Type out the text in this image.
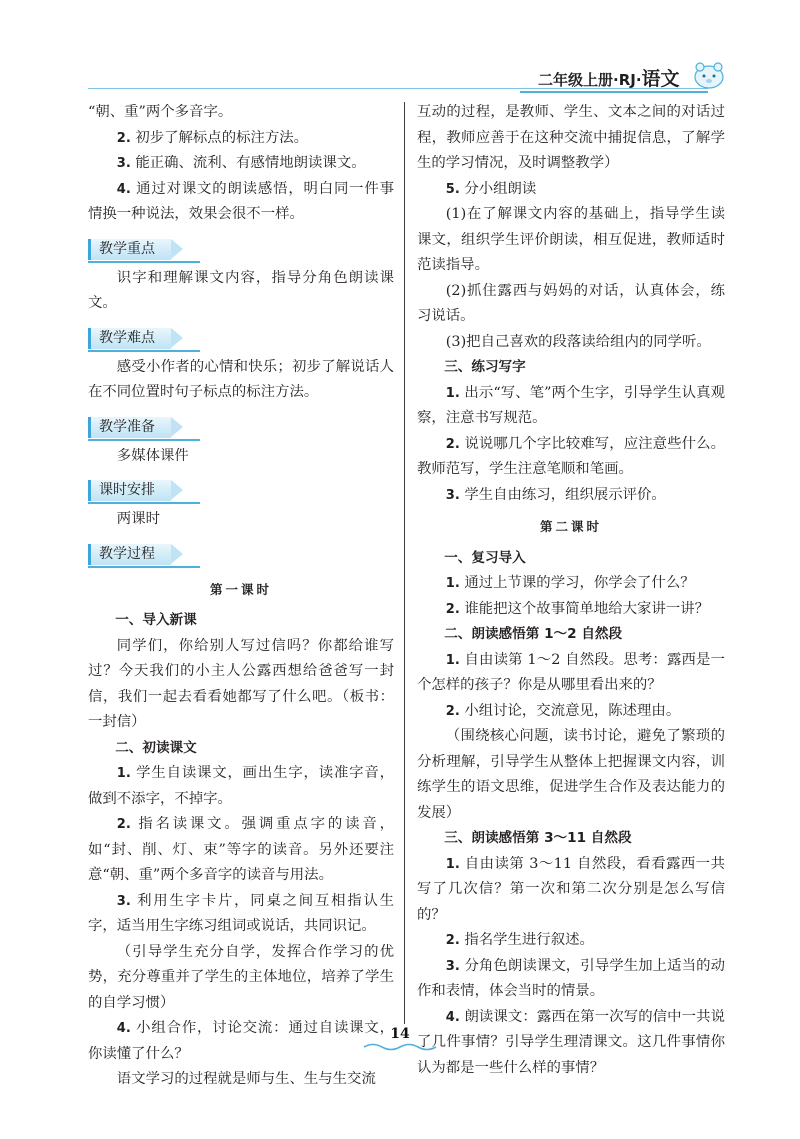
二年级上册·RJ·语文

“朝、重”两个多音字。

2. 初步了解标点的标注方法。

3. 能正确、流利、有感情地朗读课文。

4. 通过对课文的朗读感悟，明白同一件事情换一种说法，效果会很不一样。

教学重点

识字和理解课文内容，指导分角色朗读课文。

教学难点

感受小作者的心情和快乐；初步了解说话人在不同位置时句子标点的标注方法。

教学准备

多媒体课件

课时安排

两课时

教学过程
第一课时

一、导入新课

同学们，你给别人写过信吗？你都给谁写过？今天我们的小主人公露西想给爸爸写一封信，我们一起去看看她都写了什么吧。（板书：一封信）

二、初读课文

1. 学生自读课文，画出生字，读准字音，做到不添字，不掉字。

2. 指名读课文。强调重点字的读音，如“封、削、灯、束”等字的读音。另外还要注意“朝、重”两个多音字的读音与用法。

3. 利用生字卡片，同桌之间互相指认生字，适当用生字练习组词或说话，共同识记。

（引导学生充分自学，发挥合作学习的优势，充分尊重并了学生的主体地位，培养了学生的自学习惯）

4. 小组合作，讨论交流：通过自读课文，你读懂了什么？

语文学习的过程就是师与生、生与生交流

互动的过程，是教师、学生、文本之间的对话过程，教师应善于在这种交流中捕捉信息，了解学生的学习情况，及时调整教学）

5. 分小组朗读

(1)在了解课文内容的基础上，指导学生读课文，组织学生评价朗读，相互促进，教师适时范读指导。

(2)抓住露西与妈妈的对话，认真体会，练习说话。

(3)把自己喜欢的段落读给组内的同学听。

三、练习写字

1. 出示“写、笔”两个生字，引导学生认真观察，注意书写规范。

2. 说说哪几个字比较难写，应注意些什么。教师范写，学生注意笔顺和笔画。

3. 学生自由练习，组织展示评价。

第二课时

一、复习导入

1. 通过上节课的学习，你学会了什么？

2. 谁能把这个故事简单地给大家讲一讲？

二、朗读感悟第 1～2 自然段

1. 自由读第 1～2 自然段。思考：露西是一个怎样的孩子？你是从哪里看出来的？

2. 小组讨论，交流意见，陈述理由。

（围绕核心问题，读书讨论，避免了繁琐的分析理解，引导学生从整体上把握课文内容，训练学生的语文思维，促进学生合作及表达能力的发展）

三、朗读感悟第 3～11 自然段

1. 自由读第 3～11 自然段，看看露西一共写了几次信？第一次和第二次分别是怎么写信的？

2. 指名学生进行叙述。

3. 分角色朗读课文，引导学生加上适当的动作和表情，体会当时的情景。

4. 朗读课文：露西在第一次写的信中一共说了几件事情？引导学生理清课文。这几件事情你认为都是一些什么样的事情？

14
